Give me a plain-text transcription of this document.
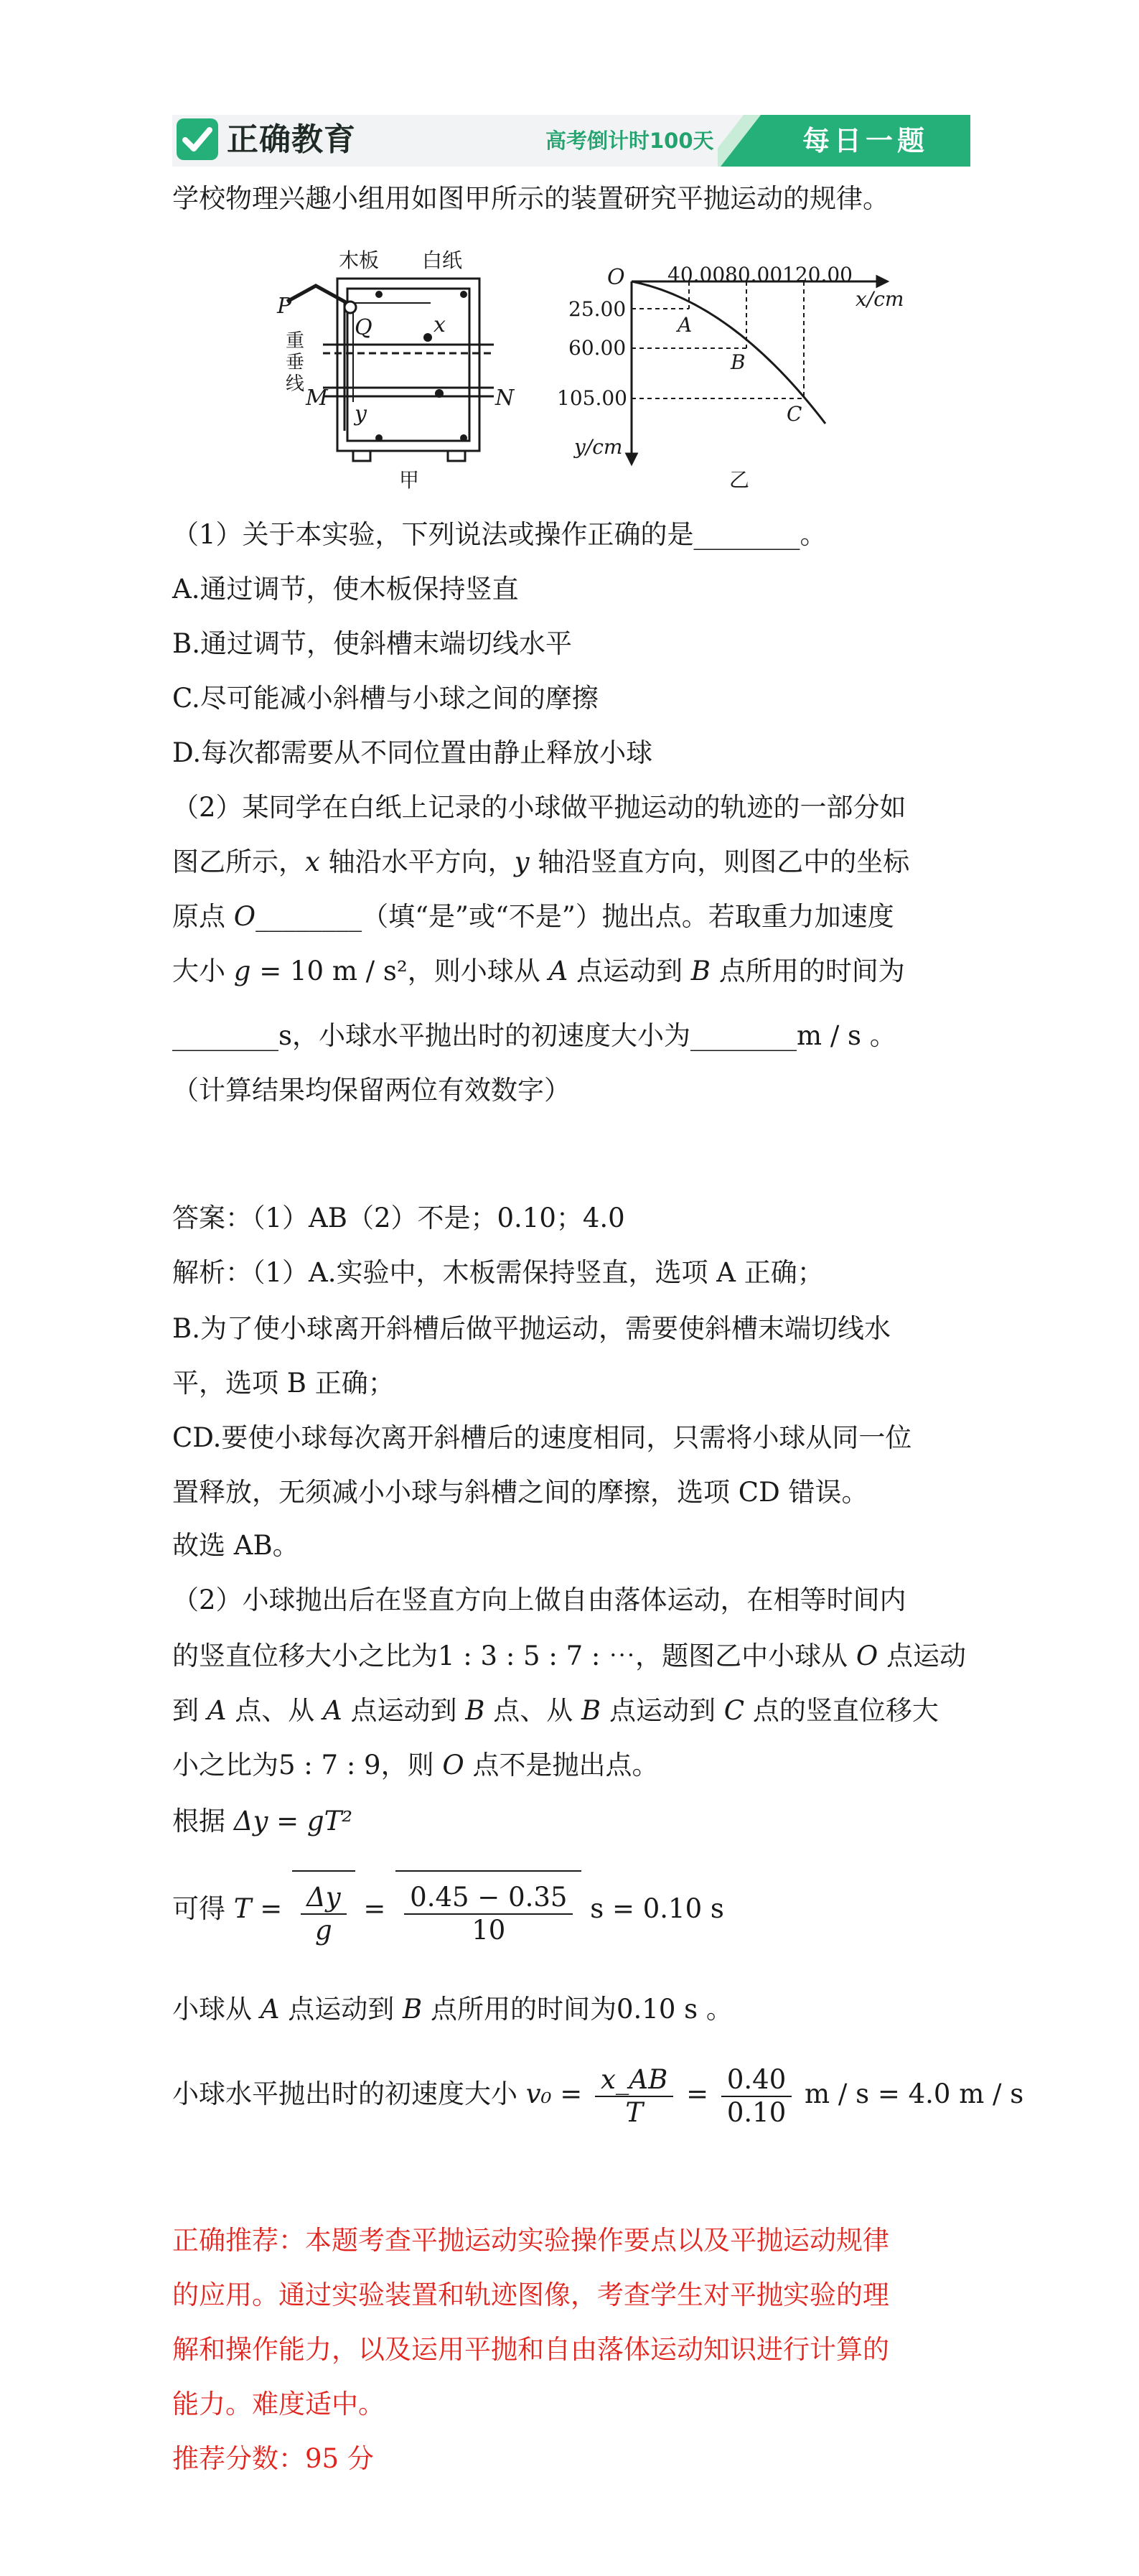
正确教育	高考倒计时100天	每日一题
学校物理兴趣小组用如图甲所示的装置研究平抛运动的规律。
木板 白纸
P
Q	x
重垂线
M	N
y
甲
O 40.00 80.00 120.00
x/cm
25.00
60.00
105.00
y/cm
A
B
C
乙
（1）关于本实验，下列说法或操作正确的是________。
A.通过调节，使木板保持竖直
B.通过调节，使斜槽末端切线水平
C.尽可能减小斜槽与小球之间的摩擦
D.每次都需要从不同位置由静止释放小球
（2）某同学在白纸上记录的小球做平抛运动的轨迹的一部分如
图乙所示，x 轴沿水平方向，y 轴沿竖直方向，则图乙中的坐标
原点 O________（填“是”或“不是”）抛出点。若取重力加速度
大小 g = 10 m / s²，则小球从 A 点运动到 B 点所用的时间为
________s，小球水平抛出时的初速度大小为________m / s 。
（计算结果均保留两位有效数字）
答案：（1）AB（2）不是；0.10；4.0
解析：（1）A.实验中，木板需保持竖直，选项 A 正确；
B.为了使小球离开斜槽后做平抛运动，需要使斜槽末端切线水
平，选项 B 正确；
CD.要使小球每次离开斜槽后的速度相同，只需将小球从同一位
置释放，无须减小小球与斜槽之间的摩擦，选项 CD 错误。
故选 AB。
（2）小球抛出后在竖直方向上做自由落体运动，在相等时间内
的竖直位移大小之比为1 : 3 : 5 : 7 : ⋯，题图乙中小球从 O 点运动
到 A 点、从 A 点运动到 B 点、从 B 点运动到 C 点的竖直位移大
小之比为5 : 7 : 9，则 O 点不是抛出点。
根据 Δy = gT²
可得 $T = \frac{\Delta y}{g} = \frac{0.45 - 0.35}{10}$ s = 0.10 s
小球从 A 点运动到 B 点所用的时间为0.10 s 。
小球水平抛出时的初速度大小 $v_0 = \frac{x\_AB}{T} = \frac{0.40}{0.10}$ m / s = 4.0 m / s
正确推荐：本题考查平抛运动实验操作要点以及平抛运动规律
的应用。通过实验装置和轨迹图像，考查学生对平抛实验的理
解和操作能力，以及运用平抛和自由落体运动知识进行计算的
能力。难度适中。
推荐分数：95 分
